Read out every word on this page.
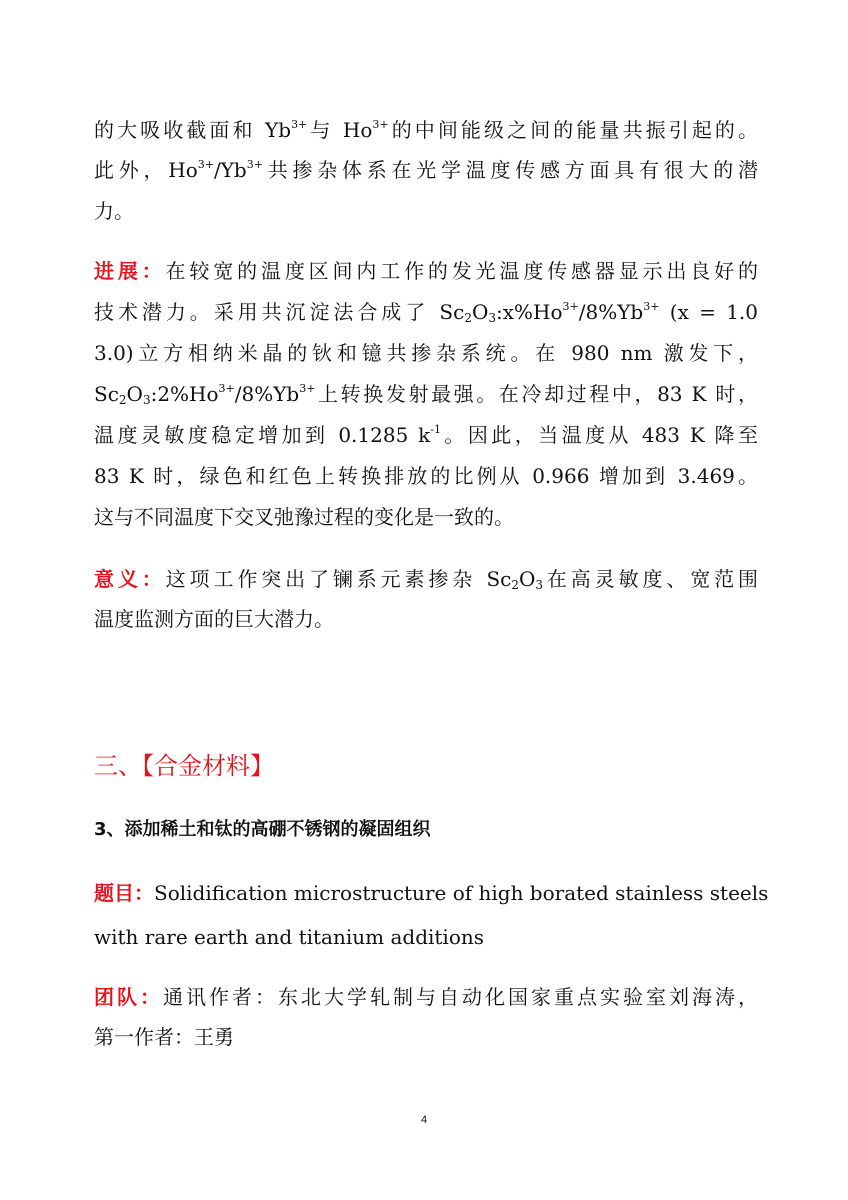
的大吸收截面和 $Yb^{3+}$与 $Ho^{3+}$的中间能级之间的能量共振引起的。

此外，$Ho^{3+}/Yb^{3+}$共掺杂体系在光学温度传感方面具有很大的潜

力。

进展：在较宽的温度区间内工作的发光温度传感器显示出良好的

技术潜力。采用共沉淀法合成了 $Sc_2O_3:x\%Ho^{3+}/8\%Yb^{3+}$ (x = 1.0

3.0)立方相纳米晶的钬和镱共掺杂系统。在 980 nm 激发下，

$Sc_2O_3:2\%Ho^{3+}/8\%Yb^{3+}$上转换发射最强。在冷却过程中，83 K 时，

温度灵敏度稳定增加到 0.1285 $k^{-1}$。因此，当温度从 483 K 降至

83 K 时，绿色和红色上转换排放的比例从 0.966 增加到 3.469。

这与不同温度下交叉弛豫过程的变化是一致的。

意义：这项工作突出了镧系元素掺杂 $Sc_2O_3$在高灵敏度、宽范围

温度监测方面的巨大潜力。

三、【合金材料】

3、添加稀土和钛的高硼不锈钢的凝固组织

题目：Solidification microstructure of high borated stainless steels

with rare earth and titanium additions

团队：通讯作者：东北大学轧制与自动化国家重点实验室刘海涛，

第一作者：王勇

4
